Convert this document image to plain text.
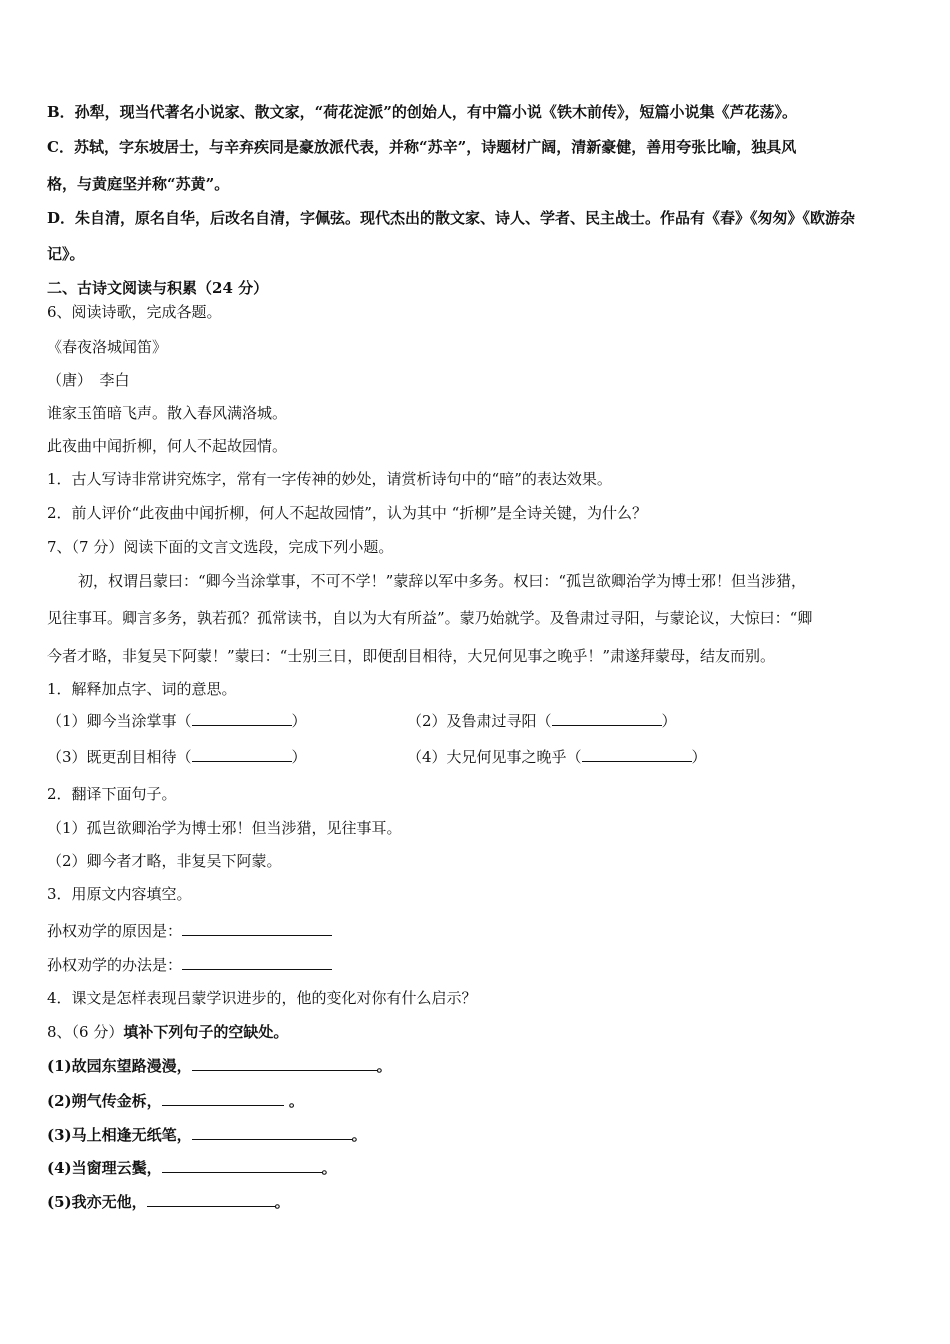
B．孙犁，现当代著名小说家、散文家，“荷花淀派”的创始人，有中篇小说《铁木前传》，短篇小说集《芦花荡》。
C．苏轼，字东坡居士，与辛弃疾同是豪放派代表，并称“苏辛”，诗题材广阔，清新豪健，善用夸张比喻，独具风
格，与黄庭坚并称“苏黄”。
D．朱自清，原名自华，后改名自清，字佩弦。现代杰出的散文家、诗人、学者、民主战士。作品有《春》《匆匆》《欧游杂
记》。
二、古诗文阅读与积累（24 分）
6、阅读诗歌，完成各题。
《春夜洛城闻笛》
（唐）　李白
谁家玉笛暗飞声。散入春风满洛城。
此夜曲中闻折柳，何人不起故园情。
1．古人写诗非常讲究炼字，常有一字传神的妙处，请赏析诗句中的“暗”的表达效果。
2．前人评价“此夜曲中闻折柳，何人不起故园情”，认为其中 “折柳”是全诗关键，为什么？
7、（7 分）阅读下面的文言文选段，完成下列小题。
初，权谓吕蒙曰：“卿今当涂掌事，不可不学！”蒙辞以军中多务。权曰：“孤岂欲卿治学为博士邪！但当涉猎，
见往事耳。卿言多务，孰若孤？孤常读书，自以为大有所益”。蒙乃始就学。及鲁肃过寻阳，与蒙论议，大惊曰：“卿
今者才略，非复吴下阿蒙！”蒙曰：“士别三日，即便刮目相待，大兄何见事之晚乎！”肃遂拜蒙母，结友而别。
1．解释加点字、词的意思。
（1）卿今当涂掌事（	）	（2）及鲁肃过寻阳（	）
（3）既更刮目相待（	）	（4）大兄何见事之晚乎（	）
2．翻译下面句子。
（1）孤岂欲卿治学为博士邪！但当涉猎，见往事耳。
（2）卿今者才略，非复吴下阿蒙。
3．用原文内容填空。
孙权劝学的原因是：
孙权劝学的办法是：
4．课文是怎样表现吕蒙学识进步的，他的变化对你有什么启示？
8、（6 分）填补下列句子的空缺处。
(1)故园东望路漫漫，	。
(2)朔气传金柝，	。
(3)马上相逢无纸笔，	。
(4)当窗理云鬓，	。
(5)我亦无他，	。
